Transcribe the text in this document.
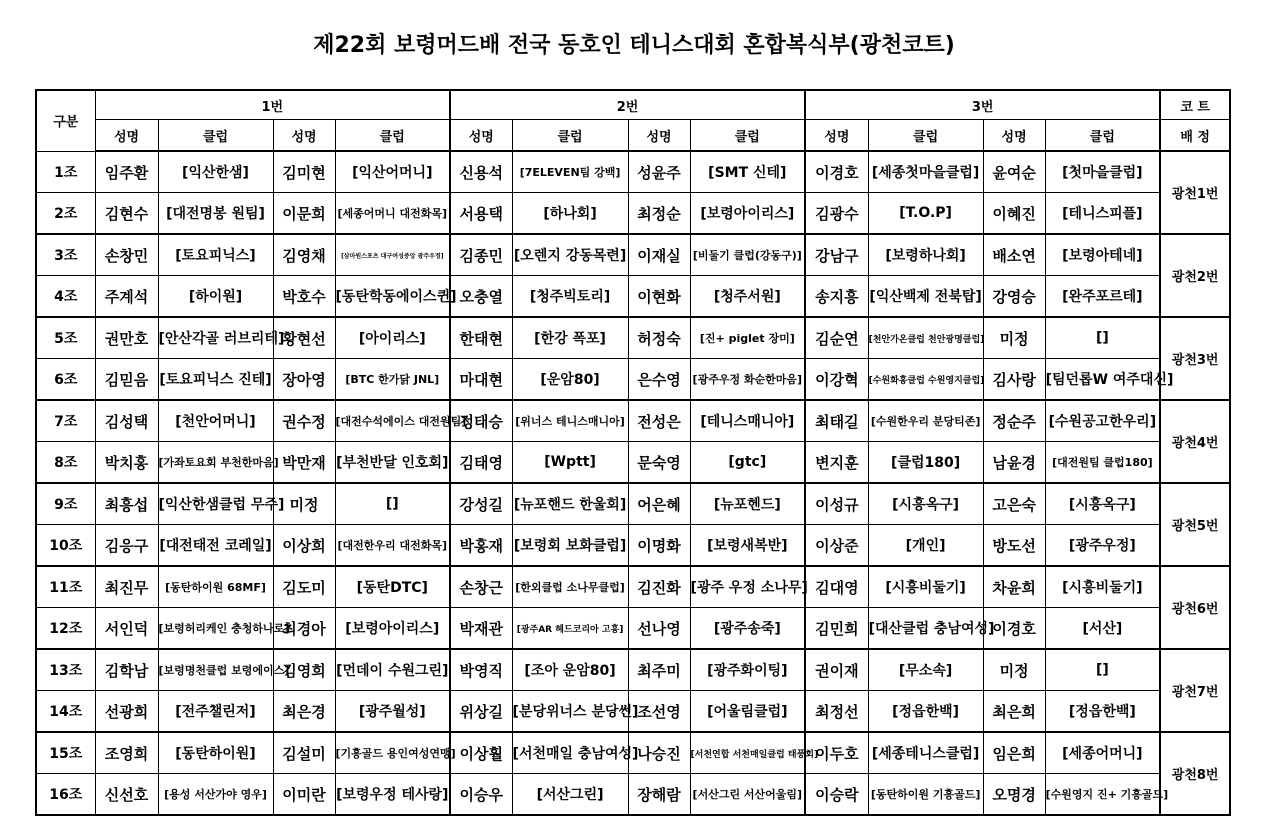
제22회 보령머드배 전국 동호인 테니스대회 혼합복식부(광천코트)
구분	1번				2번				3번				코 트
	성명	클럽	성명	클럽	성명	클럽	성명	클럽	성명	클럽	성명	클럽	배 정
1조	임주환	[익산한샘]	김미현	[익산어머니]	신용석	[7ELEVEN팀 강백]	성윤주	[SMT 신테]	이경호	[세종첫마을클럽]	윤여순	[첫마을클럽]	광천1번
2조	김현수	[대전명봉 원팀]	이문희	[세종어머니 대전화목]	서용택	[하나회]	최정순	[보령아이리스]	김광수	[T.O.P]	이혜진	[테니스피플]	
3조	손창민	[토요피닉스]	김영채	[삼마원스포츠 대구여성중앙 광주우정]	김종민	[오렌지 강동목련]	이재실	[비둘기 클럽(강동구)]	강남구	[보령하나회]	배소연	[보령아테네]	광천2번
4조	주계석	[하이원]	박호수	[동탄학동에이스퀸]	오충열	[청주빅토리]	이현화	[청주서원]	송지흥	[익산백제 전북탑]	강영승	[완주포르테]	
5조	권만호	[안산각골 러브리테]	황현선	[아이리스]	한태현	[한강 폭포]	허정숙	[진+ piglet 장미]	김순연	[천안가온클럽 천안광명클럽]	미정	[]	광천3번
6조	김믿음	[토요피닉스 진테]	장아영	[BTC 한가닭 JNL]	마대현	[운암80]	은수영	[광주우정 화순한마음]	이강혁	[수원화홍클럽 수원영지클럽]	김사랑	[팀던롭W 여주대신]	
7조	김성택	[천안어머니]	권수정	[대전수석에이스 대전원팀]	정태승	[위너스 테니스매니아]	전성은	[테니스매니아]	최태길	[수원한우리 분당티존]	정순주	[수원공고한우리]	광천4번
8조	박치홍	[가좌토요회 부천한마음]	박만재	[부천반달 인호회]	김태영	[Wptt]	문숙영	[gtc]	변지훈	[클럽180]	남윤경	[대전원팀 클럽180]	
9조	최흥섭	[익산한샘클럽 무주]	미정	[]	강성길	[뉴포핸드 한울회]	어은혜	[뉴포헨드]	이성규	[시흥옥구]	고은숙	[시흥옥구]	광천5번
10조	김응구	[대전태전 코레일]	이상희	[대전한우리 대전화목]	박홍재	[보령회 보화클럽]	이명화	[보령새복반]	이상준	[개인]	방도선	[광주우정]	
11조	최진무	[동탄하이원 68MF]	김도미	[동탄DTC]	손창근	[한외클럽 소나무클럽]	김진화	[광주 우정 소나무]	김대영	[시흥비둘기]	차윤희	[시흥비둘기]	광천6번
12조	서인덕	[보령허리케인 충청하나로]	최경아	[보령아이리스]	박재관	[광주AR 헤드코리아 고흥]	선나영	[광주송죽]	김민희	[대산클럽 충남여성]	이경호	[서산]	
13조	김학남	[보령명천클럽 보령에이스]	김영희	[먼데이 수원그린]	박영직	[조아 운암80]	최주미	[광주화이팅]	권이재	[무소속]	미정	[]	광천7번
14조	선광희	[전주챌린저]	최은경	[광주월성]	위상길	[분당위너스 분당썬]	조선영	[어울림클럽]	최정선	[정읍한백]	최은희	[정읍한백]	
15조	조영희	[동탄하이원]	김설미	[기흥골드 용인여성연맹]	이상훨	[서천매일 충남여성]	나승진	[서천연합 서천매일클럽 태풍회]	이두호	[세종테니스클럽]	임은희	[세종어머니]	광천8번
16조	신선호	[용성 서산가야 영우]	이미란	[보령우정 테사랑]	이승우	[서산그린]	장해람	[서산그린 서산어울림]	이승락	[동탄하이원 기흥골드]	오명경	[수원영지 진+ 기흥골드]	
